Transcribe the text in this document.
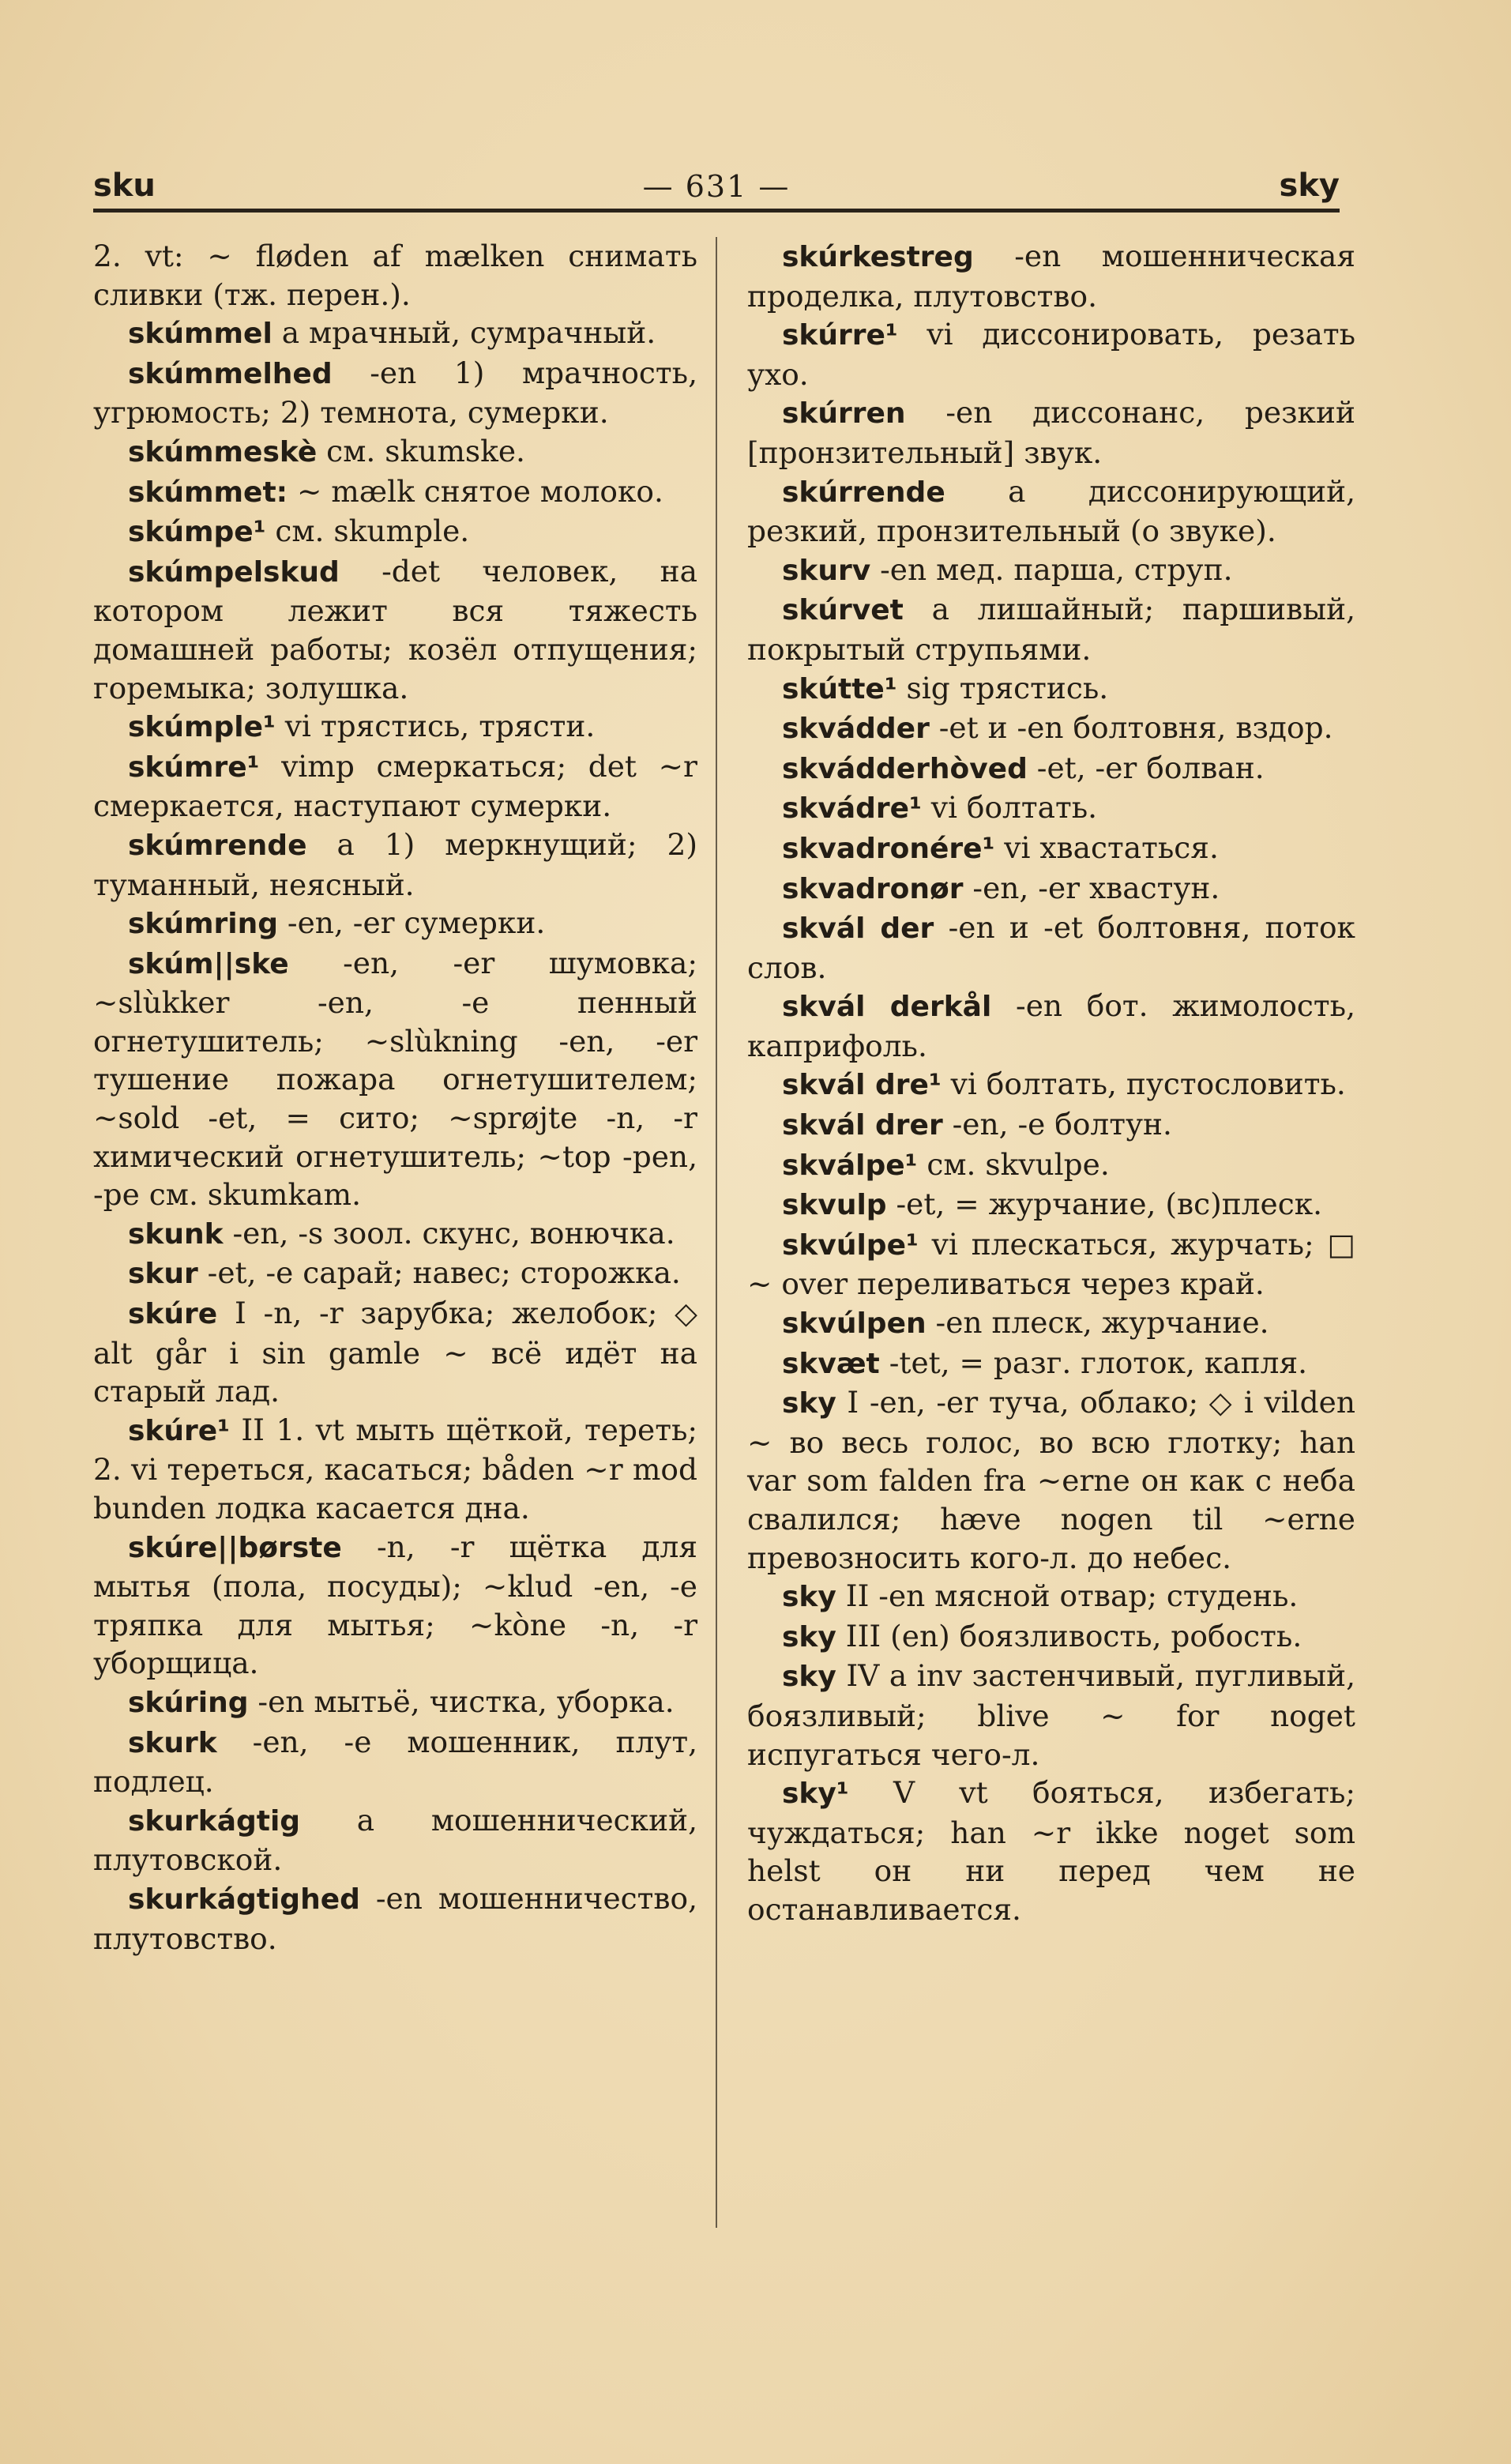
sku	— 631 —	sky

2. vt: ~ fløden af mælken снимать сливки (тж. перен.).

skúmmel a мрачный, сумрачный.

skúmmelhed -en 1) мрачность, угрюмость; 2) темнота, сумерки.

skúmmeskè см. skumske.

skúmmet: ~ mælk снятое молоко.

skúmpe¹ см. skumple.

skúmpelskud -det человек, на котором лежит вся тяжесть домашней работы; козёл отпущения; горемыка; золушка.

skúmple¹ vi трястись, трясти.

skúmre¹ vimp смеркаться; det ~r смеркается, наступают сумерки.

skúmrende a 1) меркнущий; 2) туманный, неясный.

skúmring -en, -er сумерки.

skúm||ske -en, -er шумовка; ~slùkker -en, -e пенный огнетушитель; ~slùkning -en, -er тушение пожара огнетушителем; ~sold -et, = сито; ~sprøjte -n, -r химический огнетушитель; ~top -pen, -pe см. skumkam.

skunk -en, -s зоол. скунс, вонючка.

skur -et, -e сарай; навес; сторожка.

skúre I -n, -r зарубка; желобок; ◇ alt går i sin gamle ~ всё идёт на старый лад.

skúre¹ II 1. vt мыть щёткой, тереть; 2. vi тереться, касаться; båden ~r mod bunden лодка касается дна.

skúre||børste -n, -r щётка для мытья (пола, посуды); ~klud -en, -e тряпка для мытья; ~kòne -n, -r уборщица.

skúring -en мытьё, чистка, уборка.

skurk -en, -e мошенник, плут, подлец.

skurkágtig a мошеннический, плутовской.

skurkágtighed -en мошенничество, плутовство.

skúrkestreg -en мошенническая проделка, плутовство.

skúrre¹ vi диссонировать, резать ухо.

skúrren -en диссонанс, резкий [пронзительный] звук.

skúrrende a диссонирующий, резкий, пронзительный (о звуке).

skurv -en мед. парша, струп.

skúrvet a лишайный; паршивый, покрытый струпьями.

skútte¹ sig трястись.

skvádder -et и -en болтовня, вздор.

skvádderhòved -et, -er болван.

skvádre¹ vi болтать.

skvadronére¹ vi хвастаться.

skvadronør -en, -er хвастун.

skvál der -en и -et болтовня, поток слов.

skvál derkål -en бот. жимолость, каприфоль.

skvál dre¹ vi болтать, пустословить.

skvál drer -en, -e болтун.

skválpe¹ см. skvulpe.

skvulp -et, = журчание, (вс)плеск.

skvúlpe¹ vi плескаться, журчать; □ ~ over переливаться через край.

skvúlpen -en плеск, журчание.

skvæt -tet, = разг. глоток, капля.

sky I -en, -er туча, облако; ◇ i vilden ~ во весь голос, во всю глотку; han var som falden fra ~erne он как с неба свалился; hæve nogen til ~erne превозносить кого-л. до небес.

sky II -en мясной отвар; студень.

sky III (en) боязливость, робость.

sky IV a inv застенчивый, пугливый, боязливый; blive ~ for noget испугаться чего-л.

sky¹ V vt бояться, избегать; чуждаться; han ~r ikke noget som helst он ни перед чем не останавливается.
